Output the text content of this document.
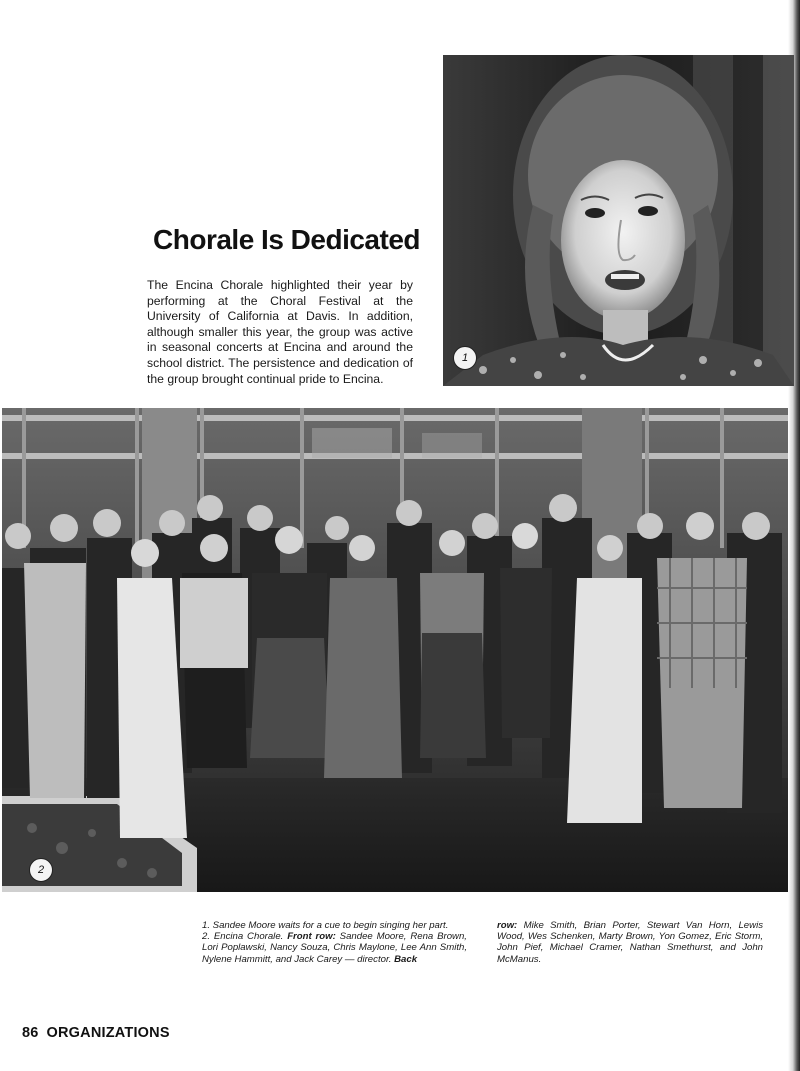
1
Chorale Is Dedicated
The Encina Chorale highlighted their year by performing at the Choral Festival at the University of California at Davis. In addition, although smaller this year, the group was active in seasonal concerts at Encina and around the school district. The persistence and dedication of the group brought continual pride to Encina.
2
1. Sandee Moore waits for a cue to begin singing her part.
2. Encina Chorale. Front row: Sandee Moore, Rena Brown, Lori Poplawski, Nancy Souza, Chris Maylone, Lee Ann Smith, Nylene Hammitt, and Jack Carey — director. Back
row: Mike Smith, Brian Porter, Stewart Van Horn, Lewis Wood, Wes Schenken, Marty Brown, Yon Gomez, Eric Storm, John Pief, Michael Cramer, Nathan Smethurst, and John McManus.
86 ORGANIZATIONS
